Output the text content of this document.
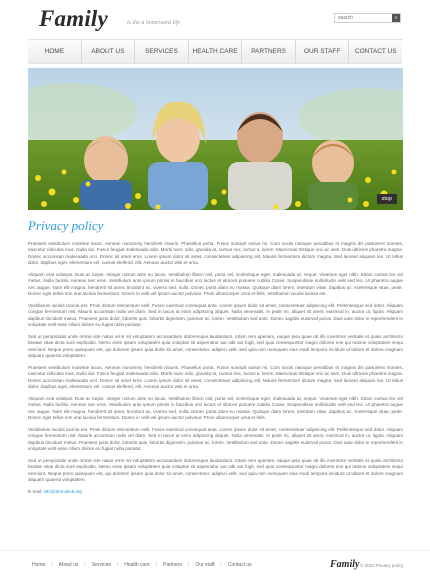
Family	is the a homeward life
search
»
HOME	ABOUT US	SERVICES	HEALTH CARE	PARTNERS	OUR STAFF	CONTACT US
stop
Privacy policy

Praesent vestibulum molestie lacus. Aenean nonummy hendrerit mauris. Phasellus porta. Fusce suscipit varius mi. Cum sociis natoque penatibus et magnis dis parturient montes, nascetur ridiculus mus. Nulla dui. Fusce feugiat malesuada odio. Morbi nunc odio, gravida at, cursus nec, luctus a, lorem. Maecenas tristique orci ac sem. Duis ultricies pharetra magna. Donec accumsan malesuada orci. Donec sit amet eros. Lorem ipsum dolor sit amet, consectetuer adipiscing elit. Mauris fermentum dictum magna. Sed laoreet aliquam leo. Ut tellus dolor, dapibus eget, elementum vel, cursus eleifend, elit. Aenean auctor wisi et urna.

Aliquam erat volutpat. Duis ac turpis. Integer rutrum ante eu lacus. Vestibulum libero nisl, porta vel, scelerisque eget, malesuada at, neque. Vivamus eget nibh. Etiam cursus leo vel metus. Nulla facilisi. Aenean nec eros. Vestibulum ante ipsum primis in faucibus orci luctus et ultrices posuere cubilia Curae; Suspendisse sollicitudin velit sed leo. Ut pharetra augue nec augue. Nam elit magna, hendrerit sit amet, tincidunt ac, viverra sed, nulla. Donec porta diam eu massa. Quisque diam lorem, interdum vitae, dapibus ac, scelerisque vitae, pede. Donec eget tellus non erat lacinia fermentum. Donec in velit vel ipsum auctor pulvinar. Proin ullamcorper urna et felis. Vestibulum iaculis lacinia est.

Vestibulum iaculis lacinia est. Proin dictum elementum velit. Fusce euismod consequat ante. Lorem ipsum dolor sit amet, consectetuer adipiscing elit. Pellentesque sed dolor. Aliquam congue fermentum nisl. Mauris accumsan nulla vel diam. Sed in lacus ut enim adipiscing aliquet. Nulla venenatis. In pede mi, aliquet sit amet, euismod in, auctor ut, ligula. Aliquam dapibus tincidunt metus. Praesent justo dolor, lobortis quis, lobortis dignissim, pulvinar ac, lorem. Vestibulum sed ante. Donec sagittis euismod purus. Duis aute dolor in reprehenderit in voluptate velit esse cillum dolore eu fugiat nulla pariatur.

Sed ut perspiciatis unde omnis iste natus error sit voluptatem accusantium doloremque laudantium, totam rem aperiam, eaque ipsa quae ab illo inventore veritatis et quasi architecto beatae vitae dicta sunt explicabo. Nemo enim ipsam voluptatem quia voluptas sit aspernatur aut odit aut fugit, sed quia consequuntur magni dolores eos qui ratione voluptatem sequi nesciunt. Neque porro quisquam est, qui dolorem ipsum quia dolor sit amet, consectetur, adipisci velit, sed quia non numquam eius modi tempora incidunt ut labore et dolore magnam aliquam quaerat voluptatem.

Praesent vestibulum molestie lacus. Aenean nonummy hendrerit mauris. Phasellus porta. Fusce suscipit varius mi. Cum sociis natoque penatibus et magnis dis parturient montes, nascetur ridiculus mus. Nulla dui. Fusce feugiat malesuada odio. Morbi nunc odio, gravida at, cursus nec, luctus a, lorem. Maecenas tristique orci ac sem. Duis ultricies pharetra magna. Donec accumsan malesuada orci. Donec sit amet eros. Lorem ipsum dolor sit amet, consectetuer adipiscing elit. Mauris fermentum dictum magna. Sed laoreet aliquam leo. Ut tellus dolor, dapibus eget, elementum vel, cursus eleifend, elit. Aenean auctor wisi et urna.

Aliquam erat volutpat. Duis ac turpis. Integer rutrum ante eu lacus. Vestibulum libero nisl, porta vel, scelerisque eget, malesuada at, neque. Vivamus eget nibh. Etiam cursus leo vel metus. Nulla facilisi. Aenean nec eros. Vestibulum ante ipsum primis in faucibus orci luctus et ultrices posuere cubilia Curae; Suspendisse sollicitudin velit sed leo. Ut pharetra augue nec augue. Nam elit magna, hendrerit sit amet, tincidunt ac, viverra sed, nulla. Donec porta diam eu massa. Quisque diam lorem, interdum vitae, dapibus ac, scelerisque vitae, pede. Donec eget tellus non erat lacinia fermentum. Donec in velit vel ipsum auctor pulvinar. Proin ullamcorper urna et felis.

Vestibulum iaculis lacinia est. Proin dictum elementum velit. Fusce euismod consequat ante. Lorem ipsum dolor sit amet, consectetuer adipiscing elit. Pellentesque sed dolor. Aliquam congue fermentum nisl. Mauris accumsan nulla vel diam. Sed in lacus ut enim adipiscing aliquet. Nulla venenatis. In pede mi, aliquet sit amet, euismod in, auctor ut, ligula. Aliquam dapibus tincidunt metus. Praesent justo dolor, lobortis quis, lobortis dignissim, pulvinar ac, lorem. Vestibulum sed ante. Donec sagittis euismod purus. Duis aute dolor in reprehenderit in voluptate velit esse cillum dolore eu fugiat nulla pariatur.

Sed ut perspiciatis unde omnis iste natus error sit voluptatem accusantium doloremque laudantium, totam rem aperiam, eaque ipsa quae ab illo inventore veritatis et quasi architecto beatae vitae dicta sunt explicabo. Nemo enim ipsam voluptatem quia voluptas sit aspernatur aut odit aut fugit, sed quia consequuntur magni dolores eos qui ratione voluptatem sequi nesciunt. Neque porro quisquam est, qui dolorem ipsum quia dolor sit amet, consectetur, adipisci velit, sed quia non numquam eius modi tempora incidunt ut labore et dolore magnam aliquam quaerat voluptatem.

E-mail: info@demolink.org
Home	|	About us	|	Services	|	Health care	|	Partners	|	Our staff	|	Contact us	Family © 2010 Privacy policy
